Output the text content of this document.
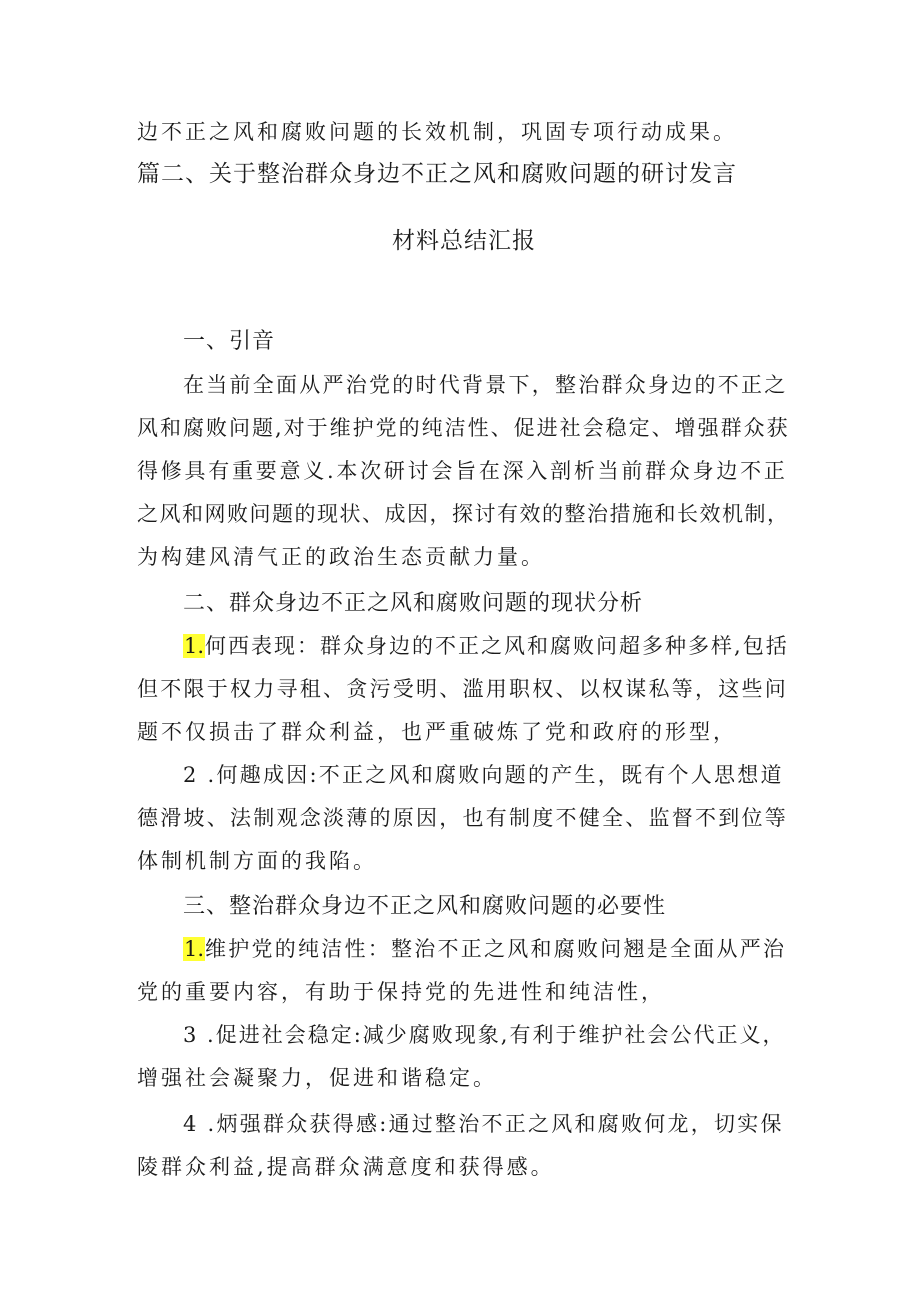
边不正之风和腐败问题的长效机制，巩固专项行动成果。
篇二、关于整治群众身边不正之风和腐败问题的研讨发言
材料总结汇报
一、引音
在当前全面从严治党的时代背景下，整治群众身边的不正之
风和腐败问题,对于维护党的纯洁性、促进社会稳定、增强群众获
得修具有重要意义.本次研讨会旨在深入剖析当前群众身边不正
之风和网败问题的现状、成因，探讨有效的整治措施和长效机制，
为构建风清气正的政治生态贡献力量。
二、群众身边不正之风和腐败问题的现状分析
1.何西表现：群众身边的不正之风和腐败问超多种多样,包括
但不限于权力寻租、贪污受明、滥用职权、以权谋私等，这些问
题不仅损击了群众利益，也严重破炼了党和政府的形型，
2 .何趣成因:不正之风和腐败向题的产生，既有个人思想道
德滑坡、法制观念淡薄的原因，也有制度不健全、监督不到位等
体制机制方面的我陷。
三、整治群众身边不正之风和腐败问题的必要性
1.维护党的纯洁性：整治不正之风和腐败问翘是全面从严治
党的重要内容，有助于保持党的先进性和纯洁性，
3 .促进社会稳定:减少腐败现象,有利于维护社会公代正义，
增强社会凝聚力，促进和谐稳定。
4 .炳强群众获得感:通过整治不正之风和腐败何龙，切实保
陵群众利益,提高群众满意度和获得感。
